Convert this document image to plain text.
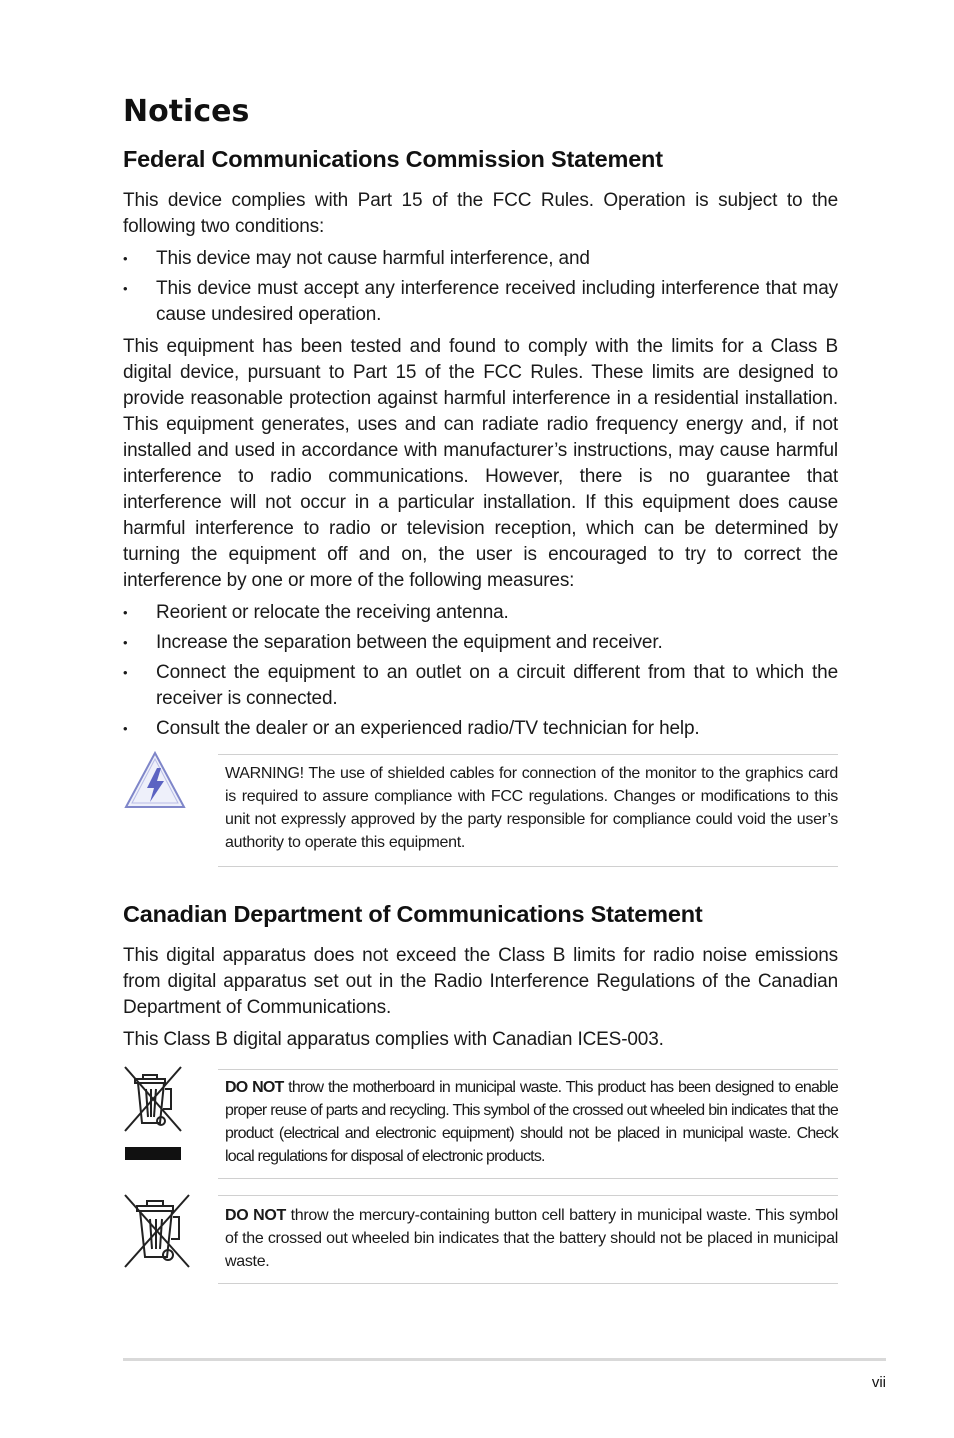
Notices
Federal Communications Commission Statement

This device complies with Part 15 of the FCC Rules. Operation is subject to the following two conditions:

• This device may not cause harmful interference, and
• This device must accept any interference received including interference that may cause undesired operation.

This equipment has been tested and found to comply with the limits for a Class B digital device, pursuant to Part 15 of the FCC Rules. These limits are designed to provide reasonable protection against harmful interference in a residential installation. This equipment generates, uses and can radiate radio frequency energy and, if not installed and used in accordance with manufacturer’s instructions, may cause harmful interference to radio communications. However, there is no guarantee that interference will not occur in a particular installation. If this equipment does cause harmful interference to radio or television reception, which can be determined by turning the equipment off and on, the user is encouraged to try to correct the interference by one or more of the following measures:

• Reorient or relocate the receiving antenna.
• Increase the separation between the equipment and receiver.
• Connect the equipment to an outlet on a circuit different from that to which the receiver is connected.
• Consult the dealer or an experienced radio/TV technician for help.
WARNING! The use of shielded cables for connection of the monitor to the graphics card is required to assure compliance with FCC regulations. Changes or modifications to this unit not expressly approved by the party responsible for compliance could void the user’s authority to operate this equipment.
Canadian Department of Communications Statement

This digital apparatus does not exceed the Class B limits for radio noise emissions from digital apparatus set out in the Radio Interference Regulations of the Canadian Department of Communications.

This Class B digital apparatus complies with Canadian ICES-003.

DO NOT throw the motherboard in municipal waste. This product has been designed to enable proper reuse of parts and recycling. This symbol of the crossed out wheeled bin indicates that the product (electrical and electronic equipment) should not be placed in municipal waste. Check local regulations for disposal of electronic products.
DO NOT throw the mercury-containing button cell battery in municipal waste. This symbol of the crossed out wheeled bin indicates that the battery should not be placed in municipal waste.
vii
